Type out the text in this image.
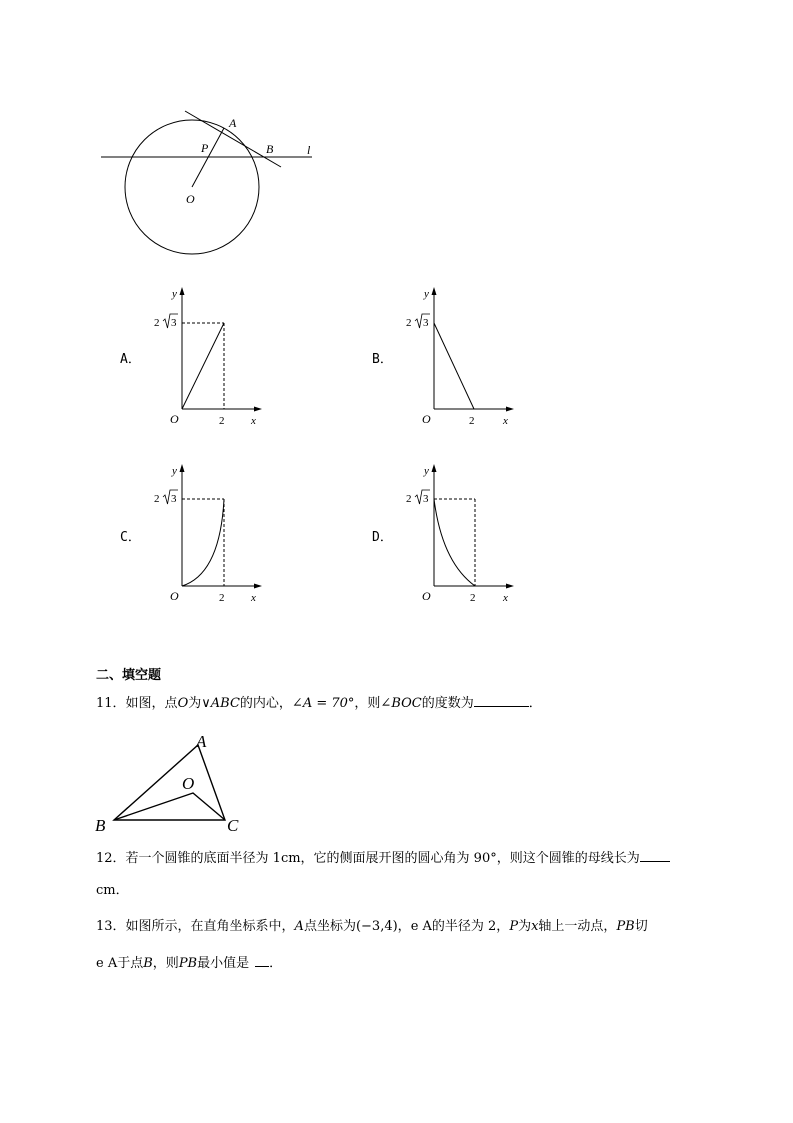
A
P	B	l
O
A．	B．
C．	D．
y
x
O	2
2 3
y
x
O	2
2 3
y
x
O	2
2 3
y
x
O	2
2 3
二、填空题
11．如图，点O为∨ABC的内心，∠A = 70°，则∠BOC的度数为	．
A
O
B	C
12．若一个圆锥的底面半径为 1cm，它的侧面展开图的圆心角为 90°，则这个圆锥的母线长为
cm．
13．如图所示，在直角坐标系中，A点坐标为(−3,4)，e A的半径为 2，P为x轴上一动点，PB切
e A于点B，则PB最小值是 ．
